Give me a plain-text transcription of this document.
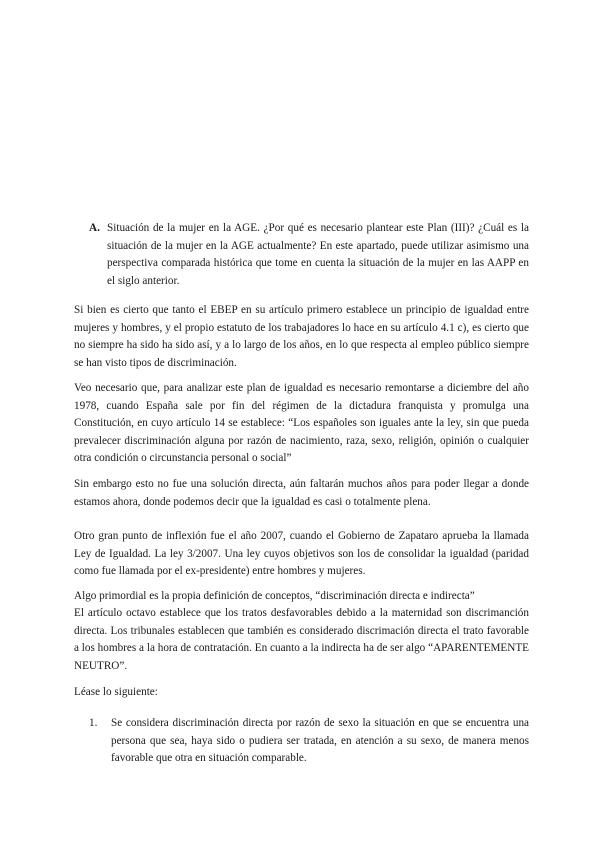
A. Situación de la mujer en la AGE. ¿Por qué es necesario plantear este Plan (III)? ¿Cuál es la situación de la mujer en la AGE actualmente? En este apartado, puede utilizar asimismo una perspectiva comparada histórica que tome en cuenta la situación de la mujer en las AAPP en el siglo anterior.

Si bien es cierto que tanto el EBEP en su artículo primero establece un principio de igualdad entre mujeres y hombres, y el propio estatuto de los trabajadores lo hace en su artículo 4.1 c), es cierto que no siempre ha sido ha sido así, y a lo largo de los años, en lo que respecta al empleo público siempre se han visto tipos de discriminación.

Veo necesario que, para analizar este plan de igualdad es necesario remontarse a diciembre del año 1978, cuando España sale por fin del régimen de la dictadura franquista y promulga una Constitución, en cuyo artículo 14 se establece: “Los españoles son iguales ante la ley, sin que pueda prevalecer discriminación alguna por razón de nacimiento, raza, sexo, religión, opinión o cualquier otra condición o circunstancia personal o social”

Sin embargo esto no fue una solución directa, aún faltarán muchos años para poder llegar a donde estamos ahora, donde podemos decir que la igualdad es casi o totalmente plena.

Otro gran punto de inflexión fue el año 2007, cuando el Gobierno de Zapataro aprueba la llamada Ley de Igualdad. La ley 3/2007. Una ley cuyos objetivos son los de consolidar la igualdad (paridad como fue llamada por el ex-presidente) entre hombres y mujeres.

Algo primordial es la propia definición de conceptos, “discriminación directa e indirecta”

El artículo octavo establece que los tratos desfavorables debido a la maternidad son discrimanción directa. Los tribunales establecen que también es considerado discrimación directa el trato favorable a los hombres a la hora de contratación. En cuanto a la indirecta ha de ser algo “APARENTEMENTE NEUTRO”.

Léase lo siguiente:

1.	Se considera discriminación directa por razón de sexo la situación en que se encuentra una persona que sea, haya sido o pudiera ser tratada, en atención a su sexo, de manera menos favorable que otra en situación comparable.
